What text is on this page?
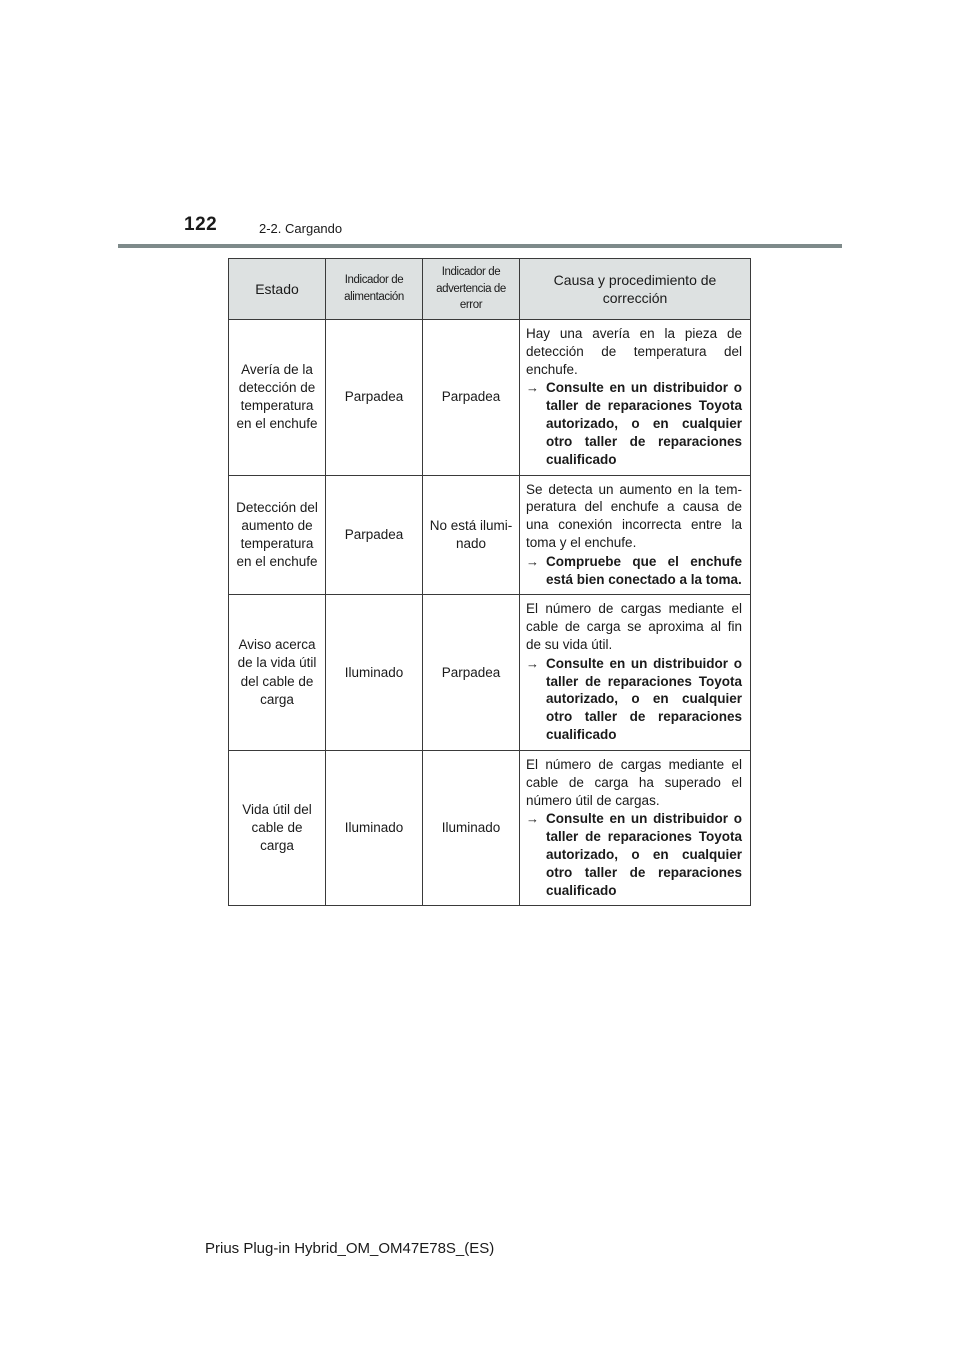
122	2-2. Cargando
Estado	Indicador de alimentación	Indicador de advertencia de error	Causa y procedimiento de corrección
Avería de la detección de temperatura en el enchufe	Parpadea	Parpadea	Hay una avería en la pieza de detección de temperatura del enchufe.
→ Consulte en un distribuidor o taller de reparaciones Toyota autorizado, o en cualquier otro taller de reparaciones cualificado

Detección del aumento de temperatura en el enchufe	Parpadea	No está ilumi-nado	Se detecta un aumento en la tem-peratura del enchufe a causa de una conexión incorrecta entre la toma y el enchufe.
→ Compruebe que el enchufe está bien conectado a la toma.

Aviso acerca de la vida útil del cable de carga	Iluminado	Parpadea	El número de cargas mediante el cable de carga se aproxima al fin de su vida útil.
→ Consulte en un distribuidor o taller de reparaciones Toyota autorizado, o en cualquier otro taller de reparaciones cualificado

Vida útil del cable de carga	Iluminado	Iluminado	El número de cargas mediante el cable de carga ha superado el número útil de cargas.
→ Consulte en un distribuidor o taller de reparaciones Toyota autorizado, o en cualquier otro taller de reparaciones cualificado
Prius Plug-in Hybrid_OM_OM47E78S_(ES)
